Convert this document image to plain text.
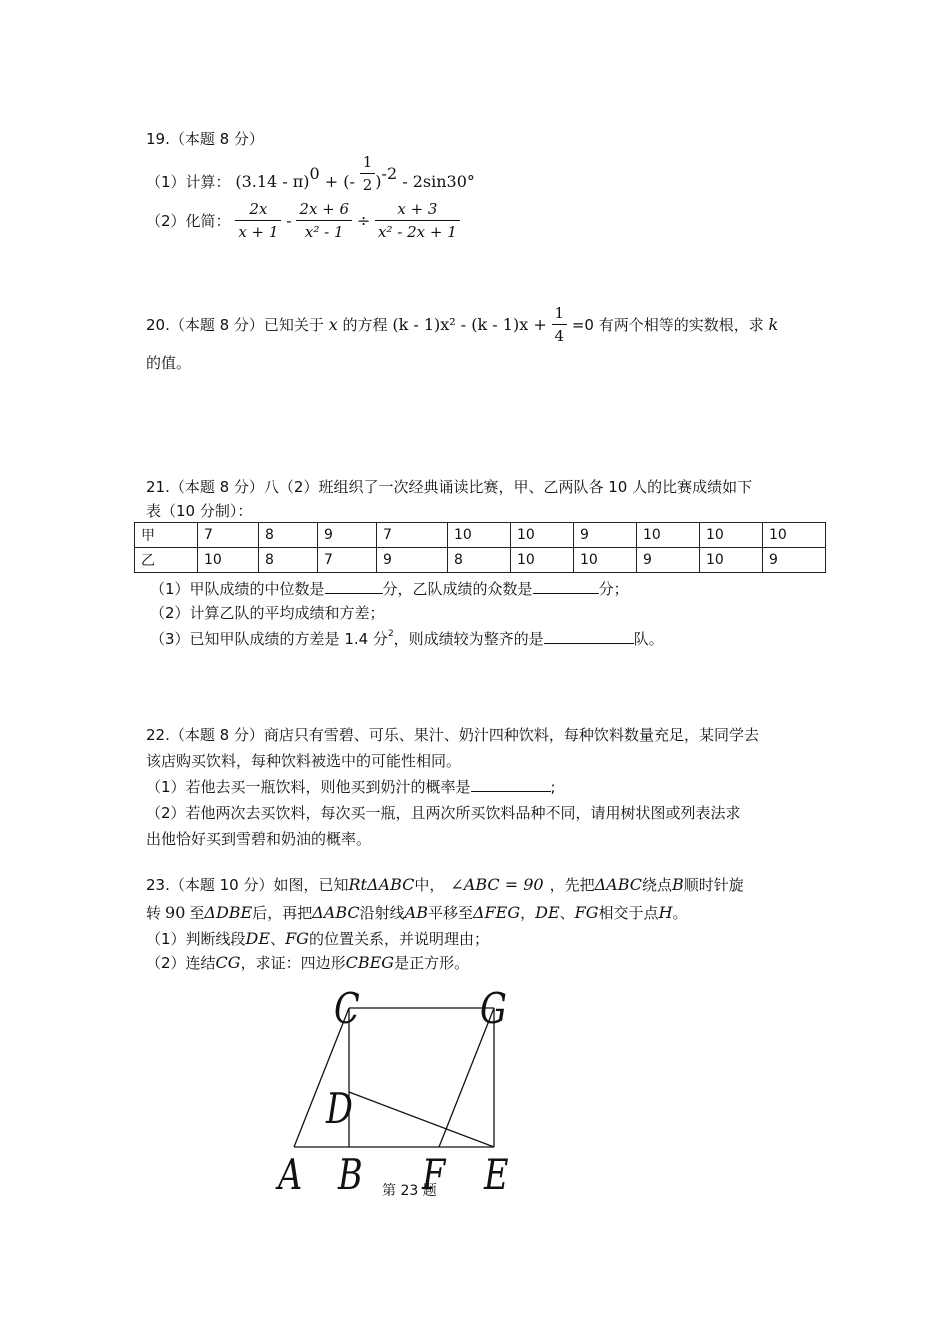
19.（本题 8 分）
（1）计算： (3.14 - π)$^0$ + (- $\frac{1}{2} )^{-2} - 2\sin 30^\circ$
（2）化简： $\frac{2x}{x + 1} - \frac{2x + 6}{\text{x² - 1}} \div \frac{x + 3}{\text{x² - 2x + 1}}$
20.（本题 8 分）已知关于 x 的方程 $(k - 1)x^2 - (k - 1)x + \frac{1}{4} =0$ 有两个相等的实数根，求 k
的值。
21.（本题 8 分）八（2）班组织了一次经典诵读比赛，甲、乙两队各 10 人的比赛成绩如下
表（10 分制）：
甲	7	8	9	7	10	10	9	10	10	10
乙	10	8	7	9	8	10	10	9	10	9
（1）甲队成绩的中位数是	分，乙队成绩的众数是	分；
（2）计算乙队的平均成绩和方差；
（3）已知甲队成绩的方差是 1.4 分$^2$，则成绩较为整齐的是	队。
22.（本题 8 分）商店只有雪碧、可乐、果汁、奶汁四种饮料，每种饮料数量充足，某同学去
该店购买饮料，每种饮料被选中的可能性相同。
（1）若他去买一瓶饮料，则他买到奶汁的概率是	;
（2）若他两次去买饮料，每次买一瓶，且两次所买饮料品种不同，请用树状图或列表法求
出他恰好买到雪碧和奶油的概率。
23.（本题 10 分）如图，已知RtΔABC中， ∠ABC = 90 ，先把ΔABC绕点B顺时针旋
转 90 至ΔDBE后，再把ΔABC沿射线AB平移至ΔFEG，DE、FG相交于点H。
（1）判断线段DE、FG的位置关系，并说明理由；
（2）连结CG，求证：四边形CBEG是正方形。
C	G
D
A B F E
第 23 题
